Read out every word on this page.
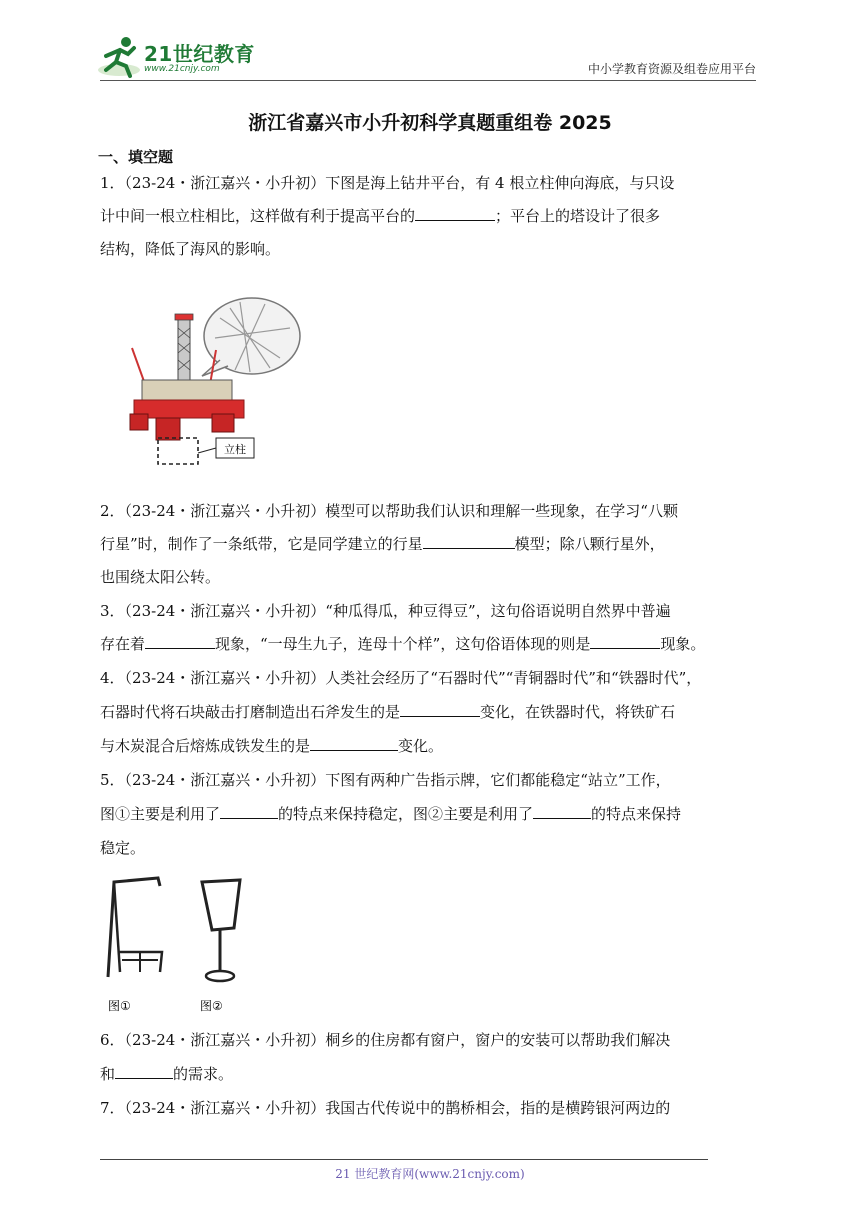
21世纪教育
www.21cnjy.com	中小学教育资源及组卷应用平台
浙江省嘉兴市小升初科学真题重组卷 2025
一、填空题
1．（23-24・浙江嘉兴・小升初）下图是海上钻井平台，有 4 根立柱伸向海底，与只设
计中间一根立柱相比，这样做有利于提高平台的	；平台上的塔设计了很多
结构，降低了海风的影响。
立柱
2．（23-24・浙江嘉兴・小升初）模型可以帮助我们认识和理解一些现象，在学习“八颗
行星”时，制作了一条纸带，它是同学建立的行星	模型；除八颗行星外，
也围绕太阳公转。
3．（23-24・浙江嘉兴・小升初）“种瓜得瓜，种豆得豆”，这句俗语说明自然界中普遍
存在着	现象，“一母生九子，连母十个样”，这句俗语体现的则是	现象。
4．（23-24・浙江嘉兴・小升初）人类社会经历了“石器时代”“青铜器时代”和“铁器时代”，
石器时代将石块敲击打磨制造出石斧发生的是	变化，在铁器时代，将铁矿石
与木炭混合后熔炼成铁发生的是	变化。
5．（23-24・浙江嘉兴・小升初）下图有两种广告指示牌，它们都能稳定“站立”工作，
图①主要是利用了	的特点来保持稳定，图②主要是利用了	的特点来保持
稳定。
图①	图②
6．（23-24・浙江嘉兴・小升初）桐乡的住房都有窗户，窗户的安装可以帮助我们解决
和	的需求。
7．（23-24・浙江嘉兴・小升初）我国古代传说中的鹊桥相会，指的是横跨银河两边的
21 世纪教育网(www.21cnjy.com)
